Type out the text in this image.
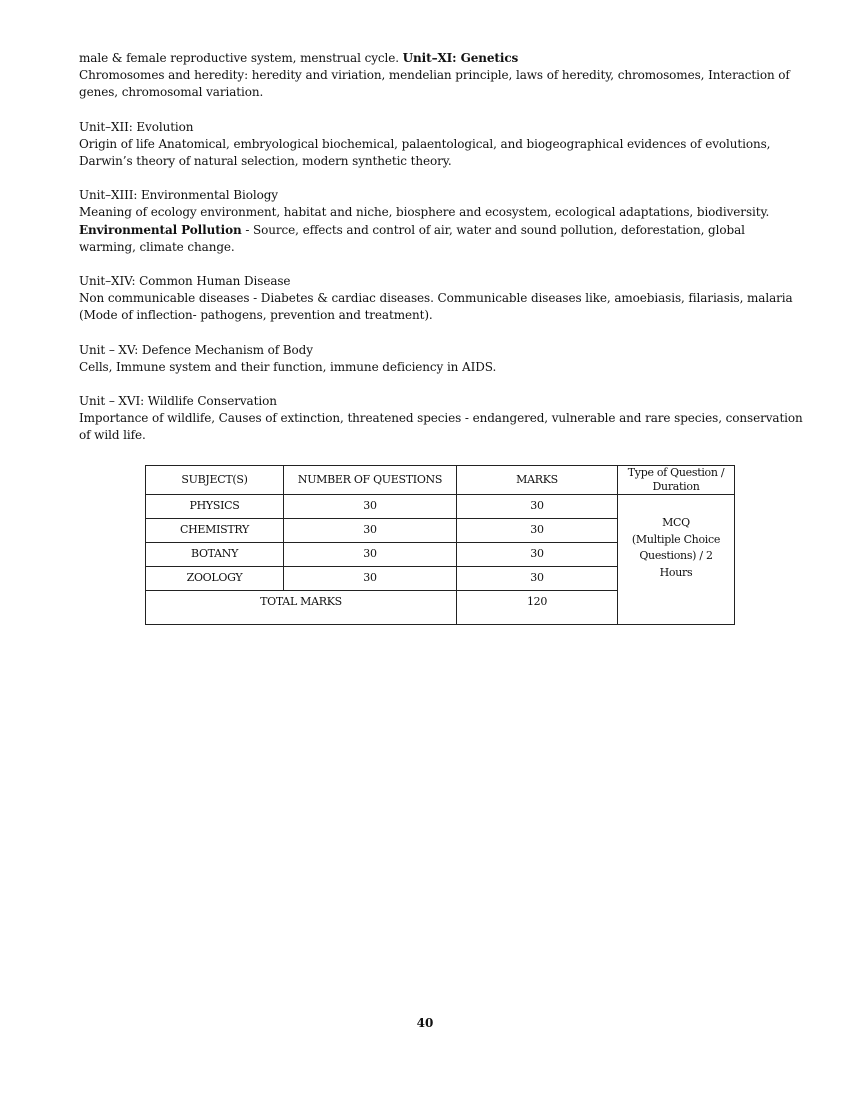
male & female reproductive system, menstrual cycle. Unit–XI: Genetics

Chromosomes and heredity: heredity and viriation, mendelian principle, laws of heredity, chromosomes, Interaction of genes, chromosomal variation.

Unit–XII: Evolution

Origin of life Anatomical, embryological biochemical, palaentological, and biogeographical evidences of evolutions, Darwin’s theory of natural selection, modern synthetic theory.

Unit–XIII: Environmental Biology

Meaning of ecology environment, habitat and niche, biosphere and ecosystem, ecological adaptations, biodiversity.

Environmental Pollution - Source, effects and control of air, water and sound pollution, deforestation, global warming, climate change.

Unit–XIV: Common Human Disease

Non communicable diseases - Diabetes & cardiac diseases. Communicable diseases like, amoebiasis, filariasis, malaria (Mode of inflection- pathogens, prevention and treatment).

Unit – XV: Defence Mechanism of Body

Cells, Immune system and their function, immune deficiency in AIDS.

Unit – XVI: Wildlife Conservation

Importance of wildlife, Causes of extinction, threatened species - endangered, vulnerable and rare species, conservation of wild life.

SUBJECT(S)	NUMBER OF QUESTIONS	MARKS	Type of Question /
Duration
PHYSICS	30	30	MCQ
(Multiple Choice
Questions) / 2
Hours
CHEMISTRY	30	30	
BOTANY	30	30	
ZOOLOGY	30	30	
TOTAL MARKS		120	
40
